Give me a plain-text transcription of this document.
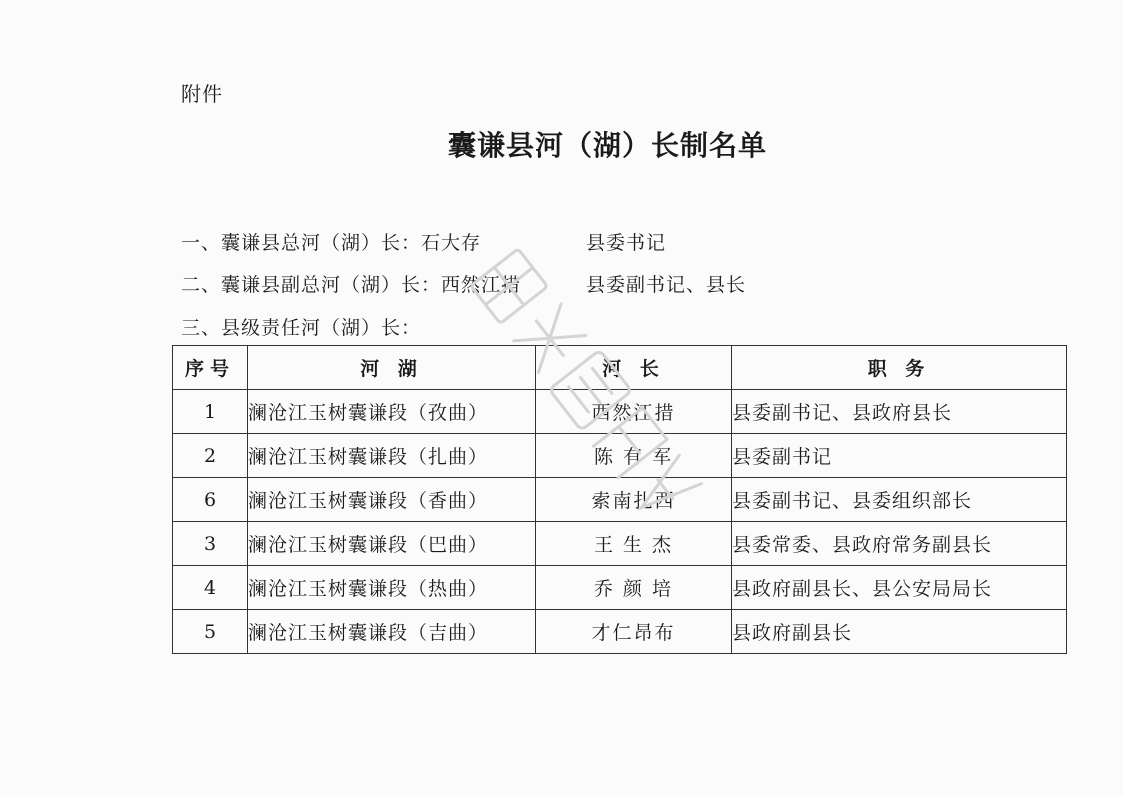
附件
囊谦县河（湖）长制名单
一、囊谦县总河（湖）长：石大存	县委书记
二、囊谦县副总河（湖）长：西然江措	县委副书记、县长
三、县级责任河（湖）长：
序号	河 湖	河 长	职 务
1	澜沧江玉树囊谦段（孜曲）	西然江措	县委副书记、县政府县长
2	澜沧江玉树囊谦段（扎曲）	陈 有 军	县委副书记
6	澜沧江玉树囊谦段（香曲）	索南扎西	县委副书记、县委组织部长
3	澜沧江玉树囊谦段（巴曲）	王 生 杰	县委常委、县政府常务副县长
4	澜沧江玉树囊谦段（热曲）	乔 颜 培	县政府副县长、县公安局局长
5	澜沧江玉树囊谦段（吉曲）	才仁昂布	县政府副县长
